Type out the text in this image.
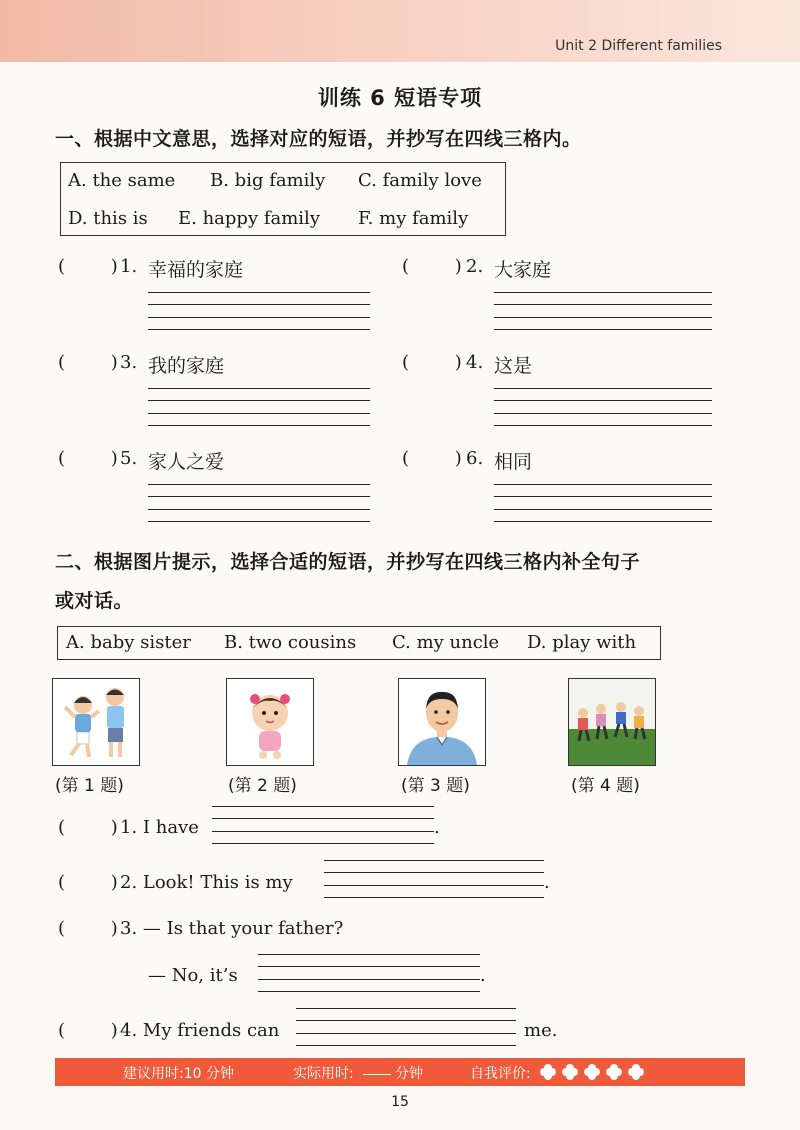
Unit 2 Different families
训练 6 短语专项
一、根据中文意思，选择对应的短语，并抄写在四线三格内。
A. the same B. big family C. family love
D. this is E. happy family F. my family
(        ) 1. 幸福的家庭	(        ) 2. 大家庭
(        ) 3. 我的家庭	(        ) 4. 这是
(        ) 5. 家人之爱	(        ) 6. 相同
二、根据图片提示，选择合适的短语，并抄写在四线三格内补全句子
或对话。
A. baby sister B. two cousins C. my uncle D. play with
(第 1 题)	(第 2 题)	(第 3 题)	(第 4 题)
(        ) 1. I have	.
(        ) 2. Look! This is my	.
(        ) 3. — Is that your father?
— No, it’s	.
(        ) 4. My friends can	me.
建议用时:10 分钟	实际用时:	分钟	自我评价:
15
